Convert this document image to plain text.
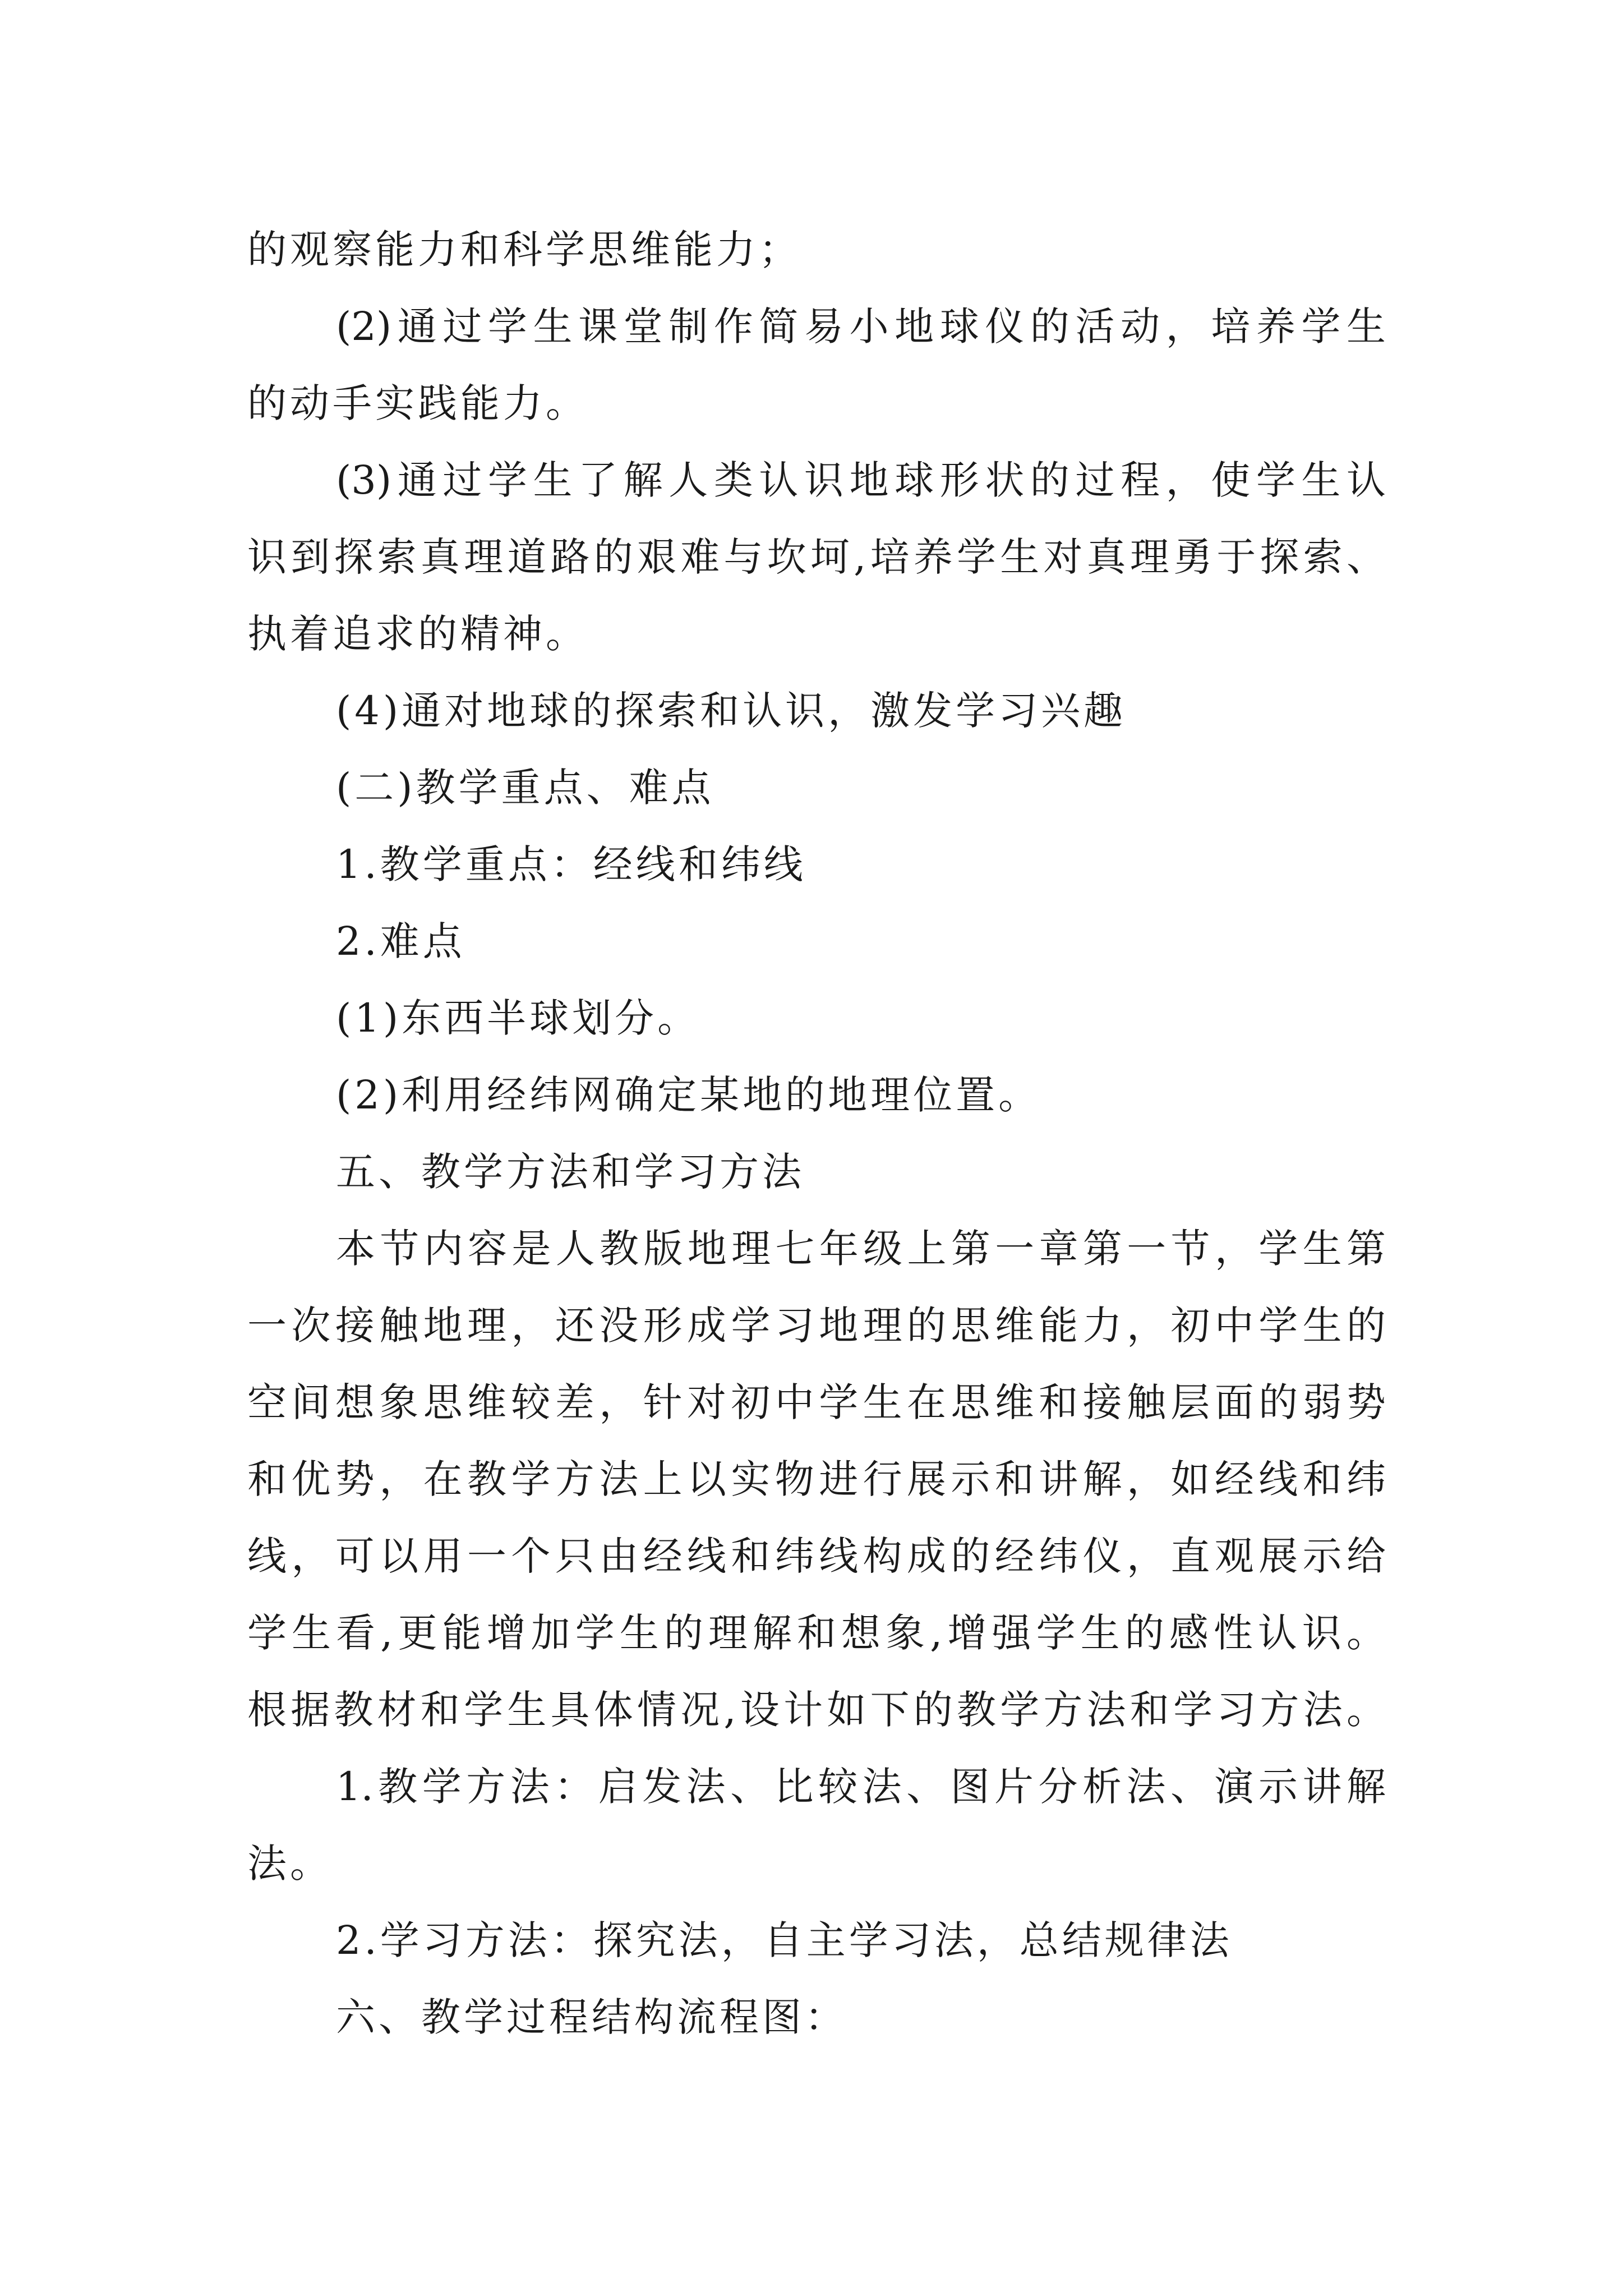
的观察能力和科学思维能力；
(2)通过学生课堂制作简易小地球仪的活动，培养学生
的动手实践能力。
(3)通过学生了解人类认识地球形状的过程，使学生认
识到探索真理道路的艰难与坎坷,培养学生对真理勇于探索、
执着追求的精神。
(4)通对地球的探索和认识，激发学习兴趣
(二)教学重点、难点
1.教学重点：经线和纬线
2.难点
(1)东西半球划分。
(2)利用经纬网确定某地的地理位置。
五、教学方法和学习方法
本节内容是人教版地理七年级上第一章第一节，学生第
一次接触地理，还没形成学习地理的思维能力，初中学生的
空间想象思维较差，针对初中学生在思维和接触层面的弱势
和优势，在教学方法上以实物进行展示和讲解，如经线和纬
线，可以用一个只由经线和纬线构成的经纬仪，直观展示给
学生看,更能增加学生的理解和想象,增强学生的感性认识。
根据教材和学生具体情况,设计如下的教学方法和学习方法。
1.教学方法：启发法、比较法、图片分析法、演示讲解
法。
2.学习方法：探究法，自主学习法，总结规律法
六、教学过程结构流程图：
